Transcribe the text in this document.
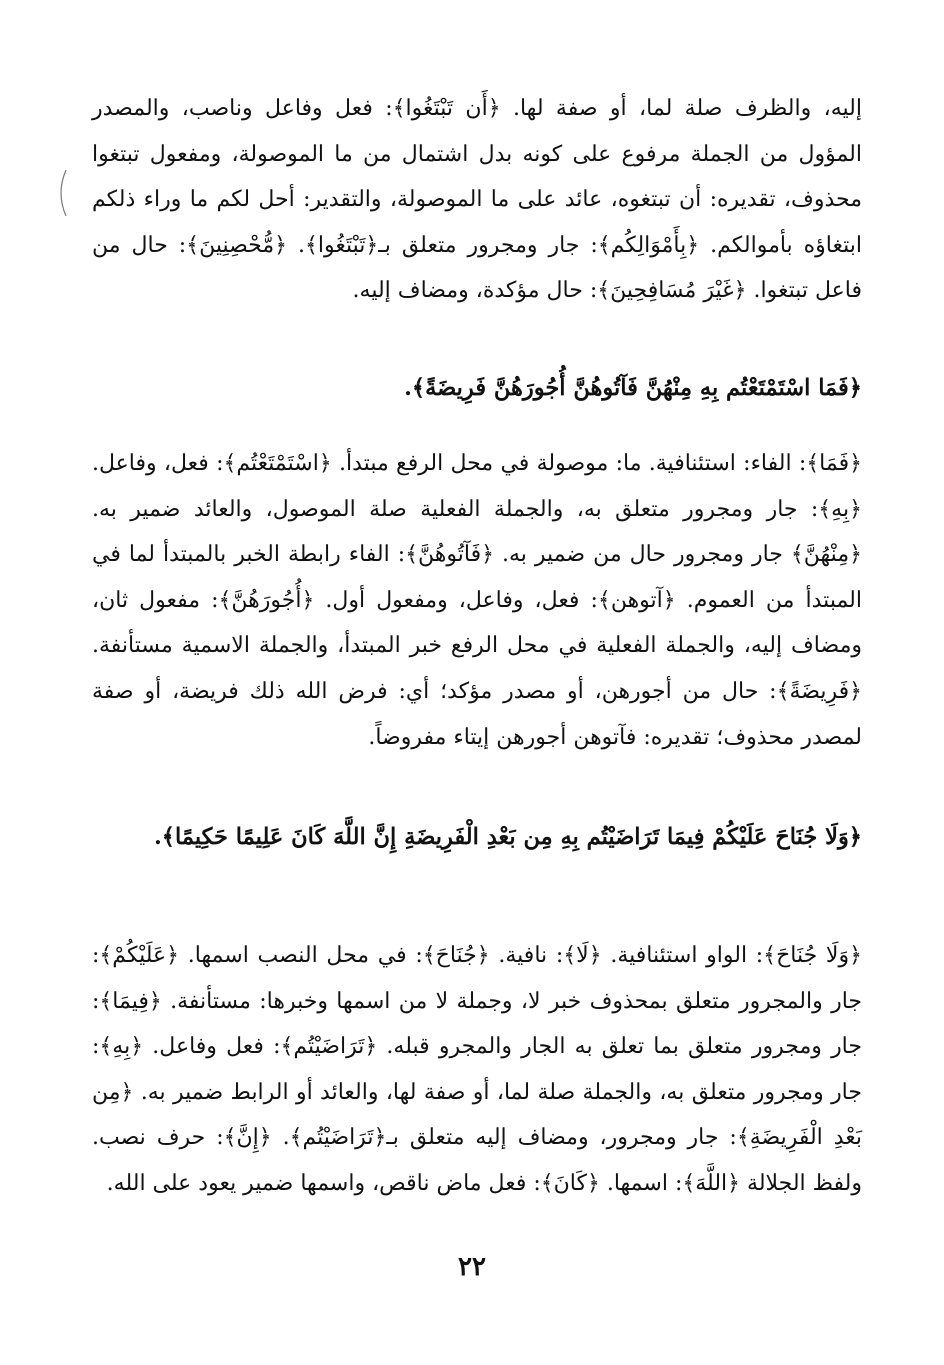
إليه، والظرف صلة لما، أو صفة لها. ﴿أَن تَبْتَغُوا﴾: فعل وفاعل وناصب، والمصدر المؤول من الجملة مرفوع على كونه بدل اشتمال من ما الموصولة، ومفعول تبتغوا محذوف، تقديره: أن تبتغوه، عائد على ما الموصولة، والتقدير: أحل لكم ما وراء ذلكم ابتغاؤه بأموالكم. ﴿بِأَمْوَالِكُم﴾: جار ومجرور متعلق بـ﴿تَبْتَغُوا﴾. ﴿مُّحْصِنِينَ﴾: حال من فاعل تبتغوا. ﴿غَيْرَ مُسَافِحِينَ﴾: حال مؤكدة، ومضاف إليه.
﴿فَمَا اسْتَمْتَعْتُم بِهِ مِنْهُنَّ فَآتُوهُنَّ أُجُورَهُنَّ فَرِيضَةً﴾.
﴿فَمَا﴾: الفاء: استئنافية. ما: موصولة في محل الرفع مبتدأ. ﴿اسْتَمْتَعْتُم﴾: فعل، وفاعل. ﴿بِهِ﴾: جار ومجرور متعلق به، والجملة الفعلية صلة الموصول، والعائد ضمير به. ﴿مِنْهُنَّ﴾ جار ومجرور حال من ضمير به. ﴿فَآتُوهُنَّ﴾: الفاء رابطة الخبر بالمبتدأ لما في المبتدأ من العموم. ﴿آتوهن﴾: فعل، وفاعل، ومفعول أول. ﴿أُجُورَهُنَّ﴾: مفعول ثان، ومضاف إليه، والجملة الفعلية في محل الرفع خبر المبتدأ، والجملة الاسمية مستأنفة. ﴿فَرِيضَةً﴾: حال من أجورهن، أو مصدر مؤكد؛ أي: فرض الله ذلك فريضة، أو صفة لمصدر محذوف؛ تقديره: فآتوهن أجورهن إيتاء مفروضاً.
﴿وَلَا جُنَاحَ عَلَيْكُمْ فِيمَا تَرَاضَيْتُم بِهِ مِن بَعْدِ الْفَرِيضَةِ إِنَّ اللَّهَ كَانَ عَلِيمًا حَكِيمًا﴾.
﴿وَلَا جُنَاحَ﴾: الواو استئنافية. ﴿لَا﴾: نافية. ﴿جُنَاحَ﴾: في محل النصب اسمها. ﴿عَلَيْكُمْ﴾: جار والمجرور متعلق بمحذوف خبر لا، وجملة لا من اسمها وخبرها: مستأنفة. ﴿فِيمَا﴾: جار ومجرور متعلق بما تعلق به الجار والمجرو قبله. ﴿تَرَاضَيْتُم﴾: فعل وفاعل. ﴿بِهِ﴾: جار ومجرور متعلق به، والجملة صلة لما، أو صفة لها، والعائد أو الرابط ضمير به. ﴿مِن بَعْدِ الْفَرِيضَةِ﴾: جار ومجرور، ومضاف إليه متعلق بـ﴿تَرَاضَيْتُم﴾. ﴿إِنَّ﴾: حرف نصب. ولفظ الجلالة ﴿اللَّهَ﴾: اسمها. ﴿كَانَ﴾: فعل ماض ناقص، واسمها ضمير يعود على الله.
٢٢
